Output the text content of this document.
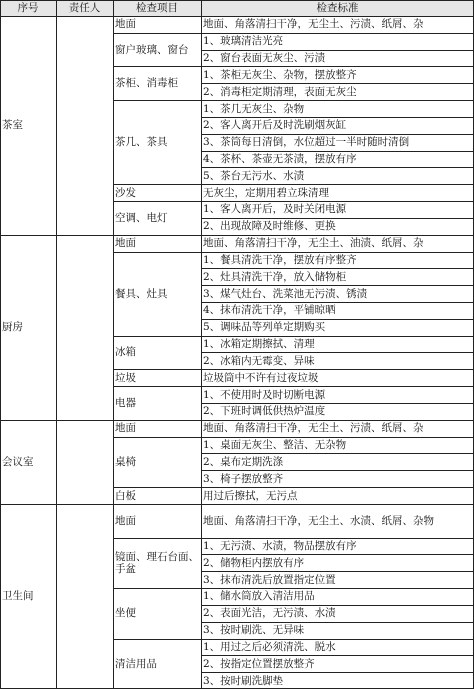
序号	责任人	检查项目	检查标准
茶室
地面	地面、角落清扫干净，无尘土、污渍、纸屑、杂
窗户玻璃、窗台
1、玻璃清洁光亮
2、窗台表面无灰尘、污渍
茶柜、消毒柜
1、茶柜无灰尘、杂物，摆放整齐
2、消毒柜定期清理，表面无灰尘
茶几、茶具
1、茶几无灰尘、杂物
2、客人离开后及时洗刷烟灰缸
3、茶筒每日清倒，水位超过一半时随时清倒
4、茶杯、茶壶无茶渍，摆放有序
5、茶台无污水、水渍
沙发	无灰尘，定期用碧立珠清理
空调、电灯
1、客人离开后，及时关闭电源
2、出现故障及时维修、更换
厨房
地面	地面、角落清扫干净，无尘土、油渍、纸屑、杂
餐具、灶具
1、餐具清洗干净，摆放有序整齐
2、灶具清洗干净，放入储物柜
3、煤气灶台、洗菜池无污渍、锈渍
4、抹布清洗干净，平铺晾晒
5、调味品等列单定期购买
冰箱
1、冰箱定期擦拭、清理
2、冰箱内无霉变、异味
垃圾	垃圾筒中不许有过夜垃圾
电器
1、不使用时及时切断电源
2、下班时调低供热炉温度
会议室
地面	地面、角落清扫干净，无尘土、污渍、纸屑、杂
桌椅
1、桌面无灰尘、整洁、无杂物
2、桌布定期洗涤
3、椅子摆放整齐
白板	用过后擦拭，无污点
卫生间
地面	地面、角落清扫干净，无尘土、水渍、纸屑、杂物
镜面、理石台面、手盆
1、无污渍、水渍，物品摆放有序
2、储物柜内摆放有序
3、抹布清洗后放置指定位置
坐便
1、储水筒放入清洁用品
2、表面光洁，无污渍、水渍
3、按时刷洗、无异味
清洁用品
1、用过之后必须清洗、脱水
2、按指定位置摆放整齐
3、按时刷洗脚垫
